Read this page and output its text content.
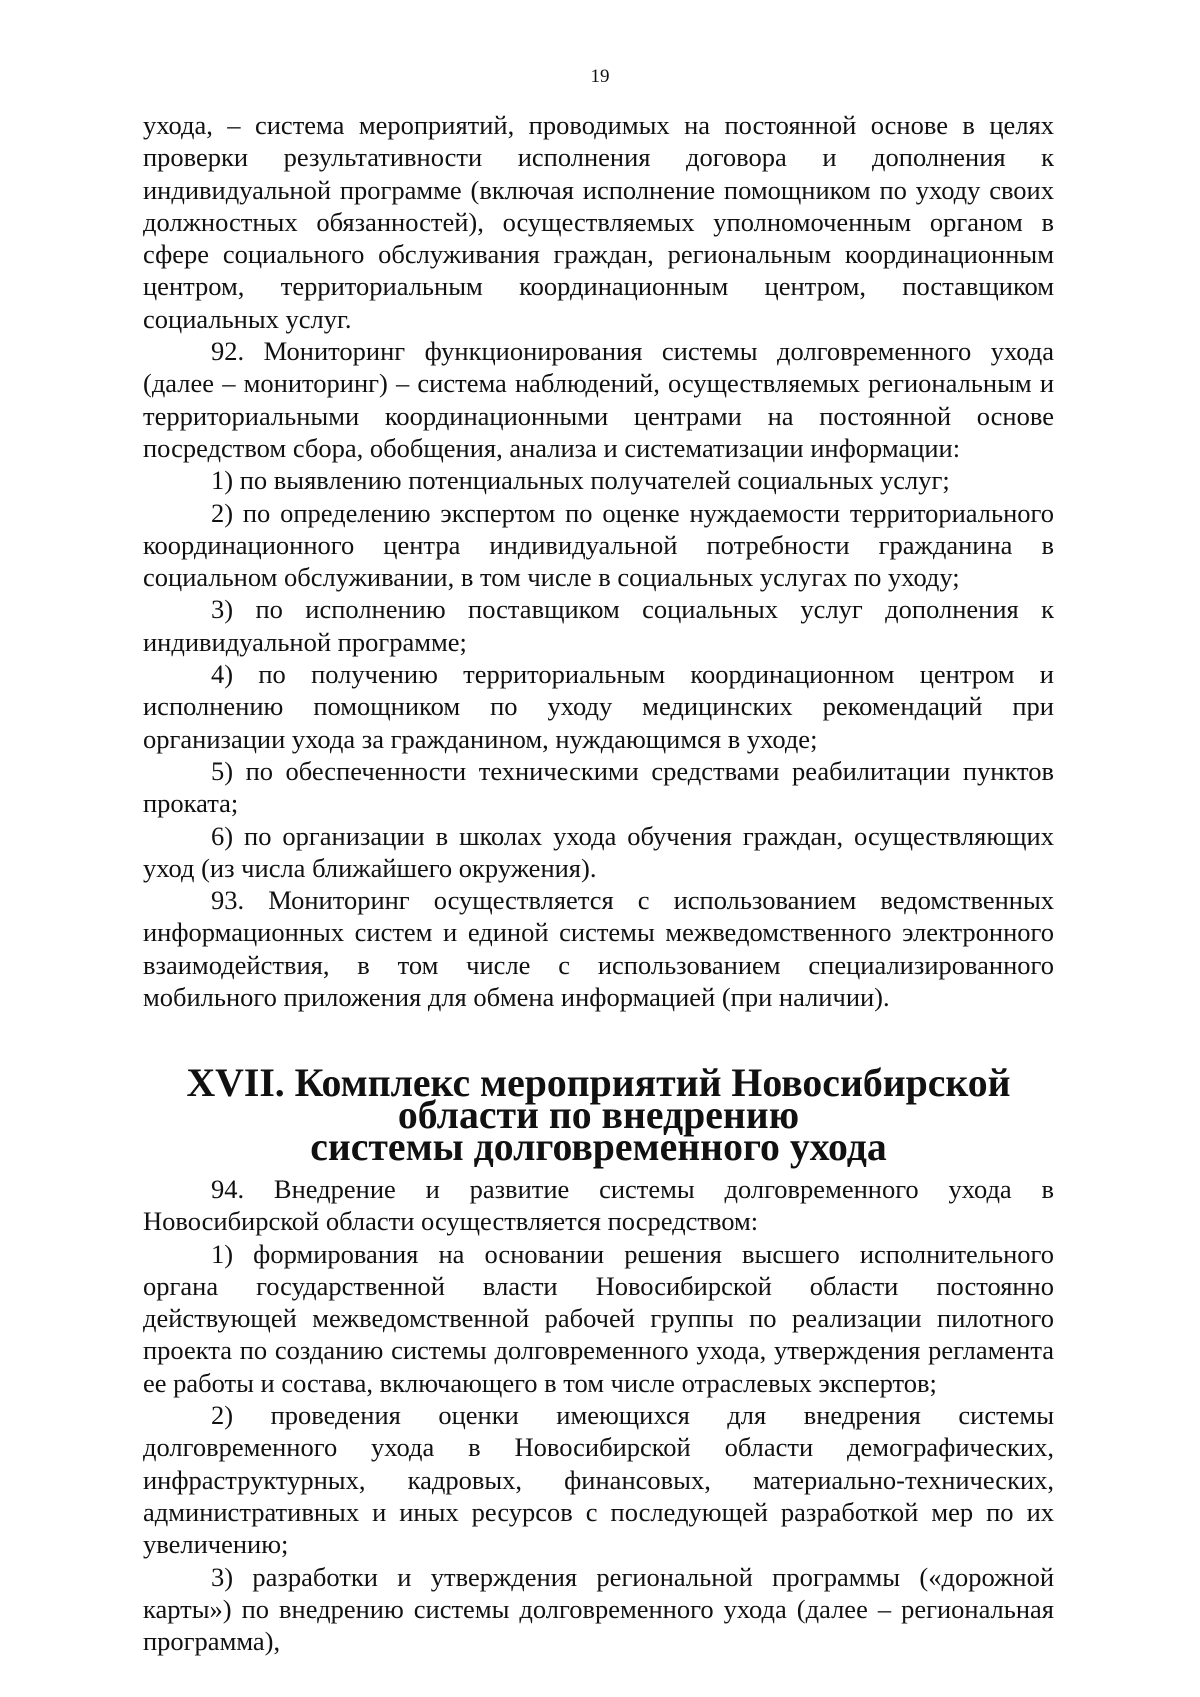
19

ухода, – система мероприятий, проводимых на постоянной основе в целях проверки результативности исполнения договора и дополнения к индивидуальной программе (включая исполнение помощником по уходу своих должностных обязанностей), осуществляемых уполномоченным органом в сфере социального обслуживания граждан, региональным координационным центром, территориальным координационным центром, поставщиком социальных услуг.

92. Мониторинг функционирования системы долговременного ухода (далее – мониторинг) – система наблюдений, осуществляемых региональным и территориальными координационными центрами на постоянной основе посредством сбора, обобщения, анализа и систематизации информации:

1) по выявлению потенциальных получателей социальных услуг;

2) по определению экспертом по оценке нуждаемости территориального координационного центра индивидуальной потребности гражданина в социальном обслуживании, в том числе в социальных услугах по уходу;

3) по исполнению поставщиком социальных услуг дополнения к индивидуальной программе;

4) по получению территориальным координационном центром и исполнению помощником по уходу медицинских рекомендаций при организации ухода за гражданином, нуждающимся в уходе;

5) по обеспеченности техническими средствами реабилитации пунктов проката;

6) по организации в школах ухода обучения граждан, осуществляющих уход (из числа ближайшего окружения).

93. Мониторинг осуществляется с использованием ведомственных информационных систем и единой системы межведомственного электронного взаимодействия, в том числе с использованием специализированного мобильного приложения для обмена информацией (при наличии).

XVII. Комплекс мероприятий Новосибирской области по внедрению
системы долговременного ухода

94. Внедрение и развитие системы долговременного ухода в Новосибирской области осуществляется посредством:

1) формирования на основании решения высшего исполнительного органа государственной власти Новосибирской области постоянно действующей межведомственной рабочей группы по реализации пилотного проекта по созданию системы долговременного ухода, утверждения регламента ее работы и состава, включающего в том числе отраслевых экспертов;

2) проведения оценки имеющихся для внедрения системы долговременного ухода в Новосибирской области демографических, инфраструктурных, кадровых, финансовых, материально-технических, административных и иных ресурсов с последующей разработкой мер по их увеличению;

3) разработки и утверждения региональной программы («дорожной карты») по внедрению системы долговременного ухода (далее – региональная программа),
